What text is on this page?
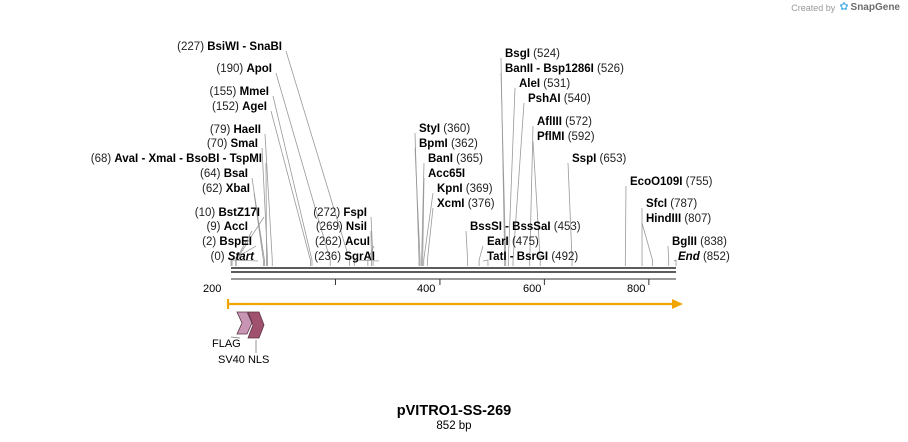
Created by ✿ SnapGene
(227) BsiWI - SnaBI
(190) ApoI
(155) MmeI
(152) AgeI
(79) HaeII
(70) SmaI
(68) AvaI - XmaI - BsoBI - TspMI
(64) BsaI
(62) XbaI
(10) BstZ17I
(9) AccI
(2) BspEI
(0) Start
(272) FspI
(269) NsiI
(262) AcuI
(236) SgrAI
StyI (360)
BpmI (362)
BanI (365)
Acc65I
KpnI (369)
XcmI (376)
BsgI (524)
BanII - Bsp1286I (526)
AleI (531)
PshAI (540)
AflIII (572)
PflMI (592)
SspI (653)
BssSI - BssSaI (453)
EarI (475)
TatI - BsrGI (492)
EcoO109I (755)
SfcI (787)
HindIII (807)
BglII (838)
End (852)
200	400	600	800
FLAG
SV40 NLS
pVITRO1-SS-269
852 bp
